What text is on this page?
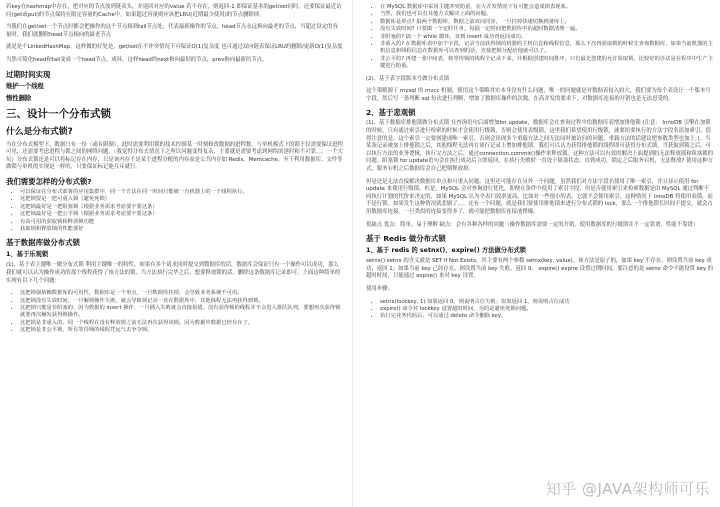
若key在hashmap中存在，把对应的节点放到链表头，并返回对应的value 若不存在，则返回-1 即保证基本的get/set同时，还要保证最近访问(get或put)的节点保持在限定容量的Cache中，如果超过容量则应该把LRU(近期最少使用)的节点删除掉。

当我们在get/set一个节点时都会把操作的这个节点移到tail节点处，代表最新操作的节点，head节点永远指向最老的节点，当超过设定的容量时，我们就删除head节点指向的最老节点

就是是个LinkedHashMap。这样做的好处是，get/set在不冲突情况下可保证O(1)复杂度 也可通过双向链表保证LRU的删除/更新O(1)复杂度

当然可简化head和tail变成一个head节点，成环，这样head的next指向最旧的节点，prev指向最新的节点。

过期时间实现
维护一个线程
惰性删除
三、设计一个分布式锁
什么是分布式锁?

当在分布式模型下，数据只有一份（或有限制），此时需要利用锁的技术控制某一时刻修改数据的进程数。与单机模式下的锁不仅需要保证进程可见，还需要考虑进程与锁之间的网络问题。（我觉得分布式情况下之所以问题变得复杂，主要就是需要考虑到网络的延时和不可靠。。。一个大坑）分布式锁还是可以将标记存在内存，只是该内存不是某个进程分配的内存而是公共内存如 Redis、Memcache。至于利用数据库、文件等做锁与单机的实现是一样的，只要保证标记能互斥就行。

我们需要怎样的分布式锁?
• 可以保证在分布式部署的应用集群中，同一个方法在同一时间只能被一台机器上的一个线程执行。
• 这把锁要是一把可重入锁（避免死锁）
• 这把锁最好是一把阻塞锁（根据业务需求考虑要不要这条）
• 这把锁最好是一把公平锁（根据业务需求考虑要不要这条）
• 有高可用的获取锁和释放锁功能
• 获取锁和释放锁的性能要好
基于数据库做分布式锁
1、基于乐观锁

(1)、基于表主键唯一做分布式锁 利用主键唯一的特性，如果有多个请求同时提交到数据库的话，数据库会保证只有一个操作可以成功，那么我们就可以认为操作成功的那个线程获得了该方法的锁，当方法执行完毕之后，想要释放锁的话，删除这条数据库记录即可。上面这种简单的实现有以下几个问题：

• 这把锁强依赖数据库的可用性，数据库是一个单点，一旦数据库挂掉，会导致业务系统不可用。
• 这把锁没有失效时间，一旦解锁操作失败，就会导致锁记录一直在数据库中，其他线程无法再获得到锁。
• 这把锁只能是非阻塞的，因为数据的 insert 操作，一旦插入失败就会直接报错。没有获得锁的线程并不会进入排队队列，要想再次获得锁就要再次触发获得锁操作。
• 这把锁是非重入的，同一个线程在没有释放锁之前无法再次获得该锁。因为数据中数据已经存在了。
• 这把锁是非公平锁，所有等待锁的线程凭运气去争夺锁。
• 在 MySQL 数据库中采用主键冲突防重，在大并发情况下有可能会造成锁表现象。
• 当然，我们也可以有其他方式解决上面的问题。
• 数据库是单点? 搞两个数据库，数据之前双向同步，一旦挂掉快速切换到备库上。
• 没有失效时间? 只要做一个定时任务，每隔一定时间把数据库中的超时数据清理一遍。
• 非阻塞的? 搞一个 while 循环，直到 insert 成功再返回成功。
• 非重入的? 在数据库表中加个字段，记录当前获得锁的机器的主机信息和线程信息，那么下次再获取锁的时候先查询数据库，如果当前机器的主机信息和线程信息在数据库可以查到的话，直接把锁分配给他就可以了。
• 非公平的? 再建一张中间表，将等待锁的线程全记录下来，并根据创建时间排序，只有最先创建的允许获取锁。比较好的办法是在程序中生产主键进行防重。

(2)、基于表字段版本号做分布式锁

这个策略源于 mysql 的 mvcc 机制，使用这个策略其实本身没有什么问题，唯一的问题就是对数据表侵入较大，我们要为每个表设计一个版本号字段，然后写一条判断 sql 每次进行判断，增加了数据库操作的次数，在高并发的要求下，对数据库连接的开销也是无法忍受的。

2、基于悲观锁

(1)、基于数据库排他锁做分布式锁 在查询语句后面增加for update，数据库会在查询过程中给数据库表增加排他锁 (注意： InnoDB 引擎在加锁的时候，只有通过索引进行检索的时候才会使用行级锁，否则会使用表级锁。这里我们希望使用行级锁，就要给要执行的方法字段名添加索引，值得注意的是，这个索引一定要创建成唯一索引，否则会出现多个重载方法之间无法同时被访问的问题。重载方法的话建议把参数类型也加上。)。当某条记录被加上排他锁之后，其他线程无法再在该行记录上增加排他锁。我们可以认为获得排他锁的线程即可获得分布式锁，当获取到锁之后，可以执行方法的业务逻辑，执行完方法之后，通过connection.commit()操作来释放锁。这种方法可以有效的解决上面提到的无法释放锁和阻塞锁的问题。阻塞锁 for update语句会在执行成功后立即返回，在执行失败时一直处于阻塞状态，直到成功。锁定之后服务宕机，无法释放? 使用这种方式，服务宕机之后数据库会自己把锁释放掉。

但是还是无法直接解决数据库单点和可重入问题。这里还可能存在另外一个问题，虽然我们对方法字段名使用了唯一索引，并且显示使用 for update 来使用行级锁。但是，MySQL 会对查询进行优化，即便在条件中使用了索引字段，但是否使用索引来检索数据是由 MySQL 通过判断不同执行计划的代价来决定的，如果 MySQL 认为全表扫效率更高，比如对一些很小的表，它就不会使用索引，这种情况下 InnoDB 将使用表锁，而不是行锁。如果发生这种情况就悲剧了。。。还有一个问题，就是我们要使用排他锁来进行分布式锁的 lock，那么一个排他锁长时间不提交，就会占用数据库连接。一旦类似的连接变得多了，就可能把数据库连接池撑爆。

优缺点 优点：简单，易于理解 缺点：会有各种各样的问题（操作数据库需要一定的开销，使用数据库的行级锁并不一定靠谱，性能不靠谱）

基于 Redis 做分布式锁
1、基于 redis 的 setnx()、expire() 方法做分布式锁

setnx() setnx 的含义就是 SET if Not Exists，其主要有两个参数 setnx(key, value)。该方法是原子的，如果 key 不存在，则设置当前 key 成功，返回 1；如果当前 key 已经存在，则设置当前 key 失败，返回 0。 expire() expire 设置过期时间，要注意的是 setnx 命令不能设置 key 的超时时间，只能通过 expire() 来对 key 设置。

使用步骤:

• setnx(lockkey, 1) 如果返回 0，则说明占位失败；如果返回 1，则说明占位成功
• expire() 命令对 lockkey 设置超时时间，为的是避免死锁问题。
• 执行完业务代码后，可以通过 delete 命令删除 key。
知乎 @JAVA架构师可乐
